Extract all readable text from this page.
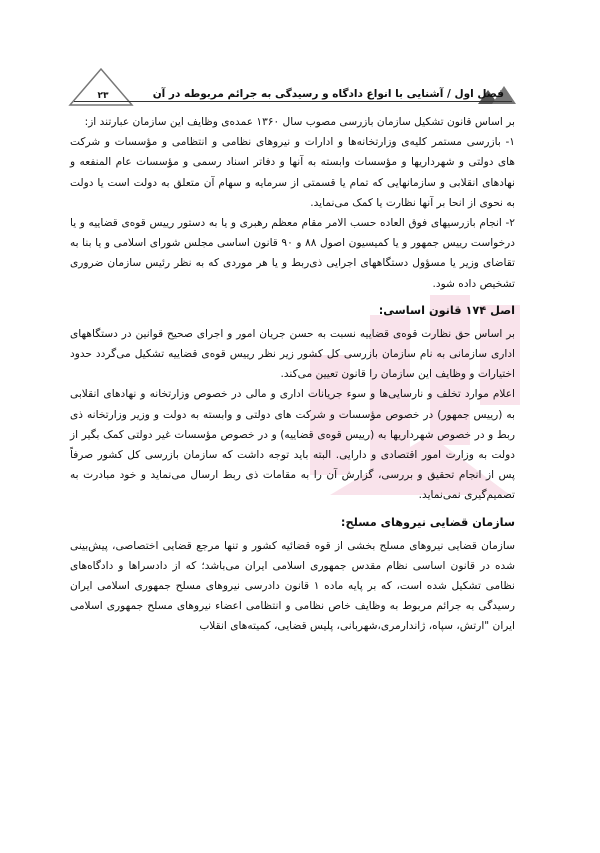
فصل اول / آشنایی با انواع دادگاه و رسیدگی به جرائم مربوطه در آن
۲۳

بر اساس قانون تشکیل سازمان بازرسی مصوب سال ۱۳۶۰ عمده‌ی وظایف این سازمان عبارتند از:

۱- بازرسی مستمر کلیه‌ی وزارتخانه‌ها و ادارات و نیروهای نظامی و انتظامی و مؤسسات و شرکت های دولتی و شهرداریها و مؤسسات وابسته به آنها و دفاتر اسناد رسمی و مؤسسات عام المنفعه و نهادهای انقلابی و سازمانهایی که تمام یا قسمتی از سرمایه و سهام آن متعلق به دولت است یا دولت به نحوی از انحا بر آنها نظارت یا کمک می‌نماید.

۲- انجام بازرسیهای فوق العاده حسب الامر مقام معظم رهبری و یا به دستور رییس قوه‌ی قضاییه و یا درخواست رییس جمهور و یا کمیسیون اصول ۸۸ و ۹۰ قانون اساسی مجلس شورای اسلامی و یا بنا به تقاضای وزیر یا مسؤول دستگاههای اجرایی ذی‌ربط و یا هر موردی که به نظر رئیس سازمان ضروری تشخیص داده شود.

اصل ۱۷۴ قانون اساسی:

بر اساس حق نظارت قوه‌ی قضاییه نسبت به حسن جریان امور و اجرای صحیح قوانین در دستگاههای اداری سازمانی به نام سازمان بازرسی کل کشور زیر نظر رییس قوه‌ی قضاییه تشکیل می‌گردد حدود اختیارات و وظایف این سازمان را قانون تعیین می‌کند.

اعلام موارد تخلف و نارسایی‌ها و سوء جریانات اداری و مالی در خصوص وزارتخانه و نهادهای انقلابی به (رییس جمهور) در خصوص مؤسسات و شرکت های دولتی و وابسته به دولت و وزیر وزارتخانه ذی ربط و در خصوص شهرداریها به (رییس قوه‌ی قضاییه) و در خصوص مؤسسات غیر دولتی کمک بگیر از دولت به وزارت امور اقتصادی و دارایی. البته باید توجه داشت که سازمان بازرسی کل کشور صرفاً پس از انجام تحقیق و بررسی، گزارش آن را به مقامات ذی ربط ارسال می‌نماید و خود مبادرت به تصمیم‌گیری نمی‌نماید.

سازمان قضایی نیروهای مسلح:

سازمان قضایی نیروهای مسلح بخشی از قوه قضائیه کشور و تنها مرجع قضایی اختصاصی، پیش‌بینی شده در قانون اساسی نظام مقدس جمهوری اسلامی ایران می‌باشد؛ که از دادسراها و دادگاه‌های نظامی تشکیل شده است، که بر پایه ماده ۱ قانون دادرسی نیروهای مسلح جمهوری اسلامی ایران رسیدگی به جرائم مربوط به وظایف خاص نظامی و انتظامی اعضاء نیروهای مسلح جمهوری اسلامی ایران "ارتش، سپاه، ژاندارمری،شهربانی، پلیس قضایی، کمیته‌های انقلاب
